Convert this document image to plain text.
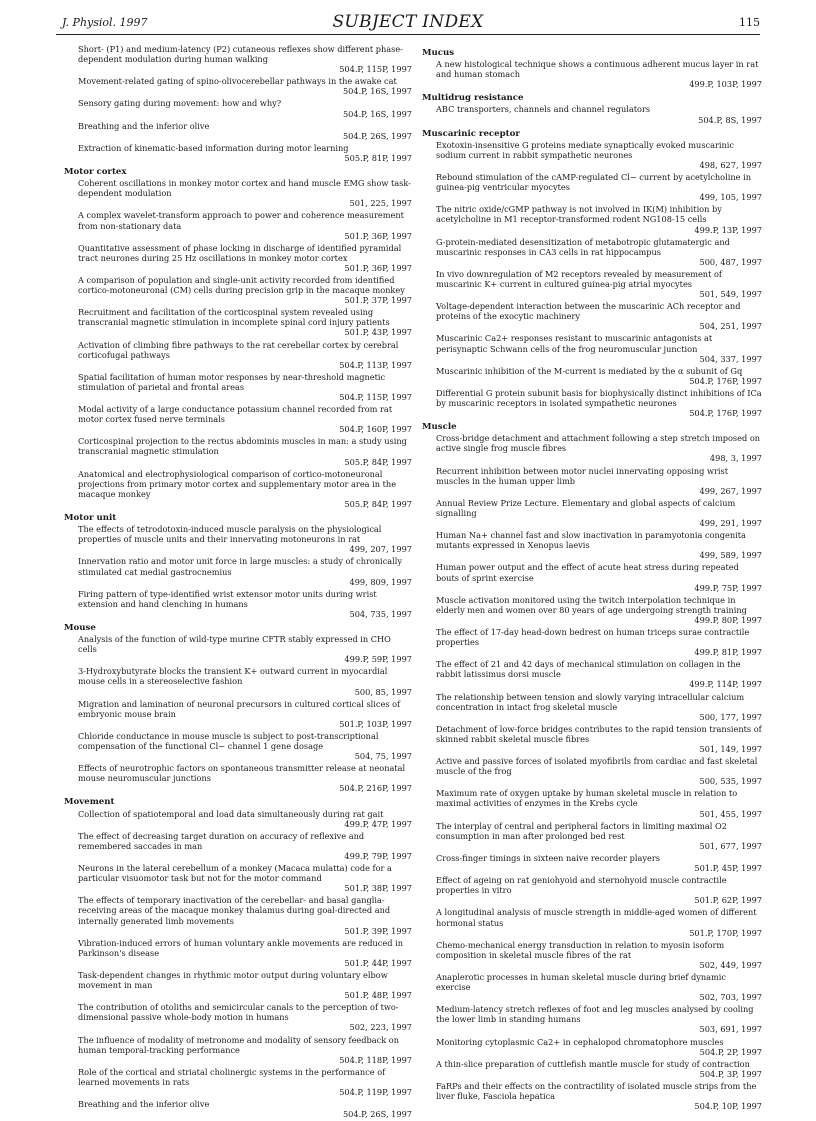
J. Physiol. 1997	SUBJECT INDEX	115
Short- (P1) and medium-latency (P2) cutaneous reflexes show different phase-dependent modulation during human walking
504.P, 115P, 1997
Movement-related gating of spino-olivocerebellar pathways in the awake cat
504.P, 16S, 1997
Sensory gating during movement: how and why?
504.P, 16S, 1997
Breathing and the inferior olive
504.P, 26S, 1997
Extraction of kinematic-based information during motor learning
505.P, 81P, 1997
Motor cortex
Coherent oscillations in monkey motor cortex and hand muscle EMG show task-dependent modulation
501, 225, 1997
A complex wavelet-transform approach to power and coherence measurement from non-stationary data
501.P, 36P, 1997
Quantitative assessment of phase locking in discharge of identified pyramidal tract neurones during 25 Hz oscillations in monkey motor cortex
501.P, 36P, 1997
A comparison of population and single-unit activity recorded from identified cortico-motoneuronal (CM) cells during precision grip in the macaque monkey
501.P, 37P, 1997
Recruitment and facilitation of the corticospinal system revealed using transcranial magnetic stimulation in incomplete spinal cord injury patients
501.P, 43P, 1997
Activation of climbing fibre pathways to the rat cerebellar cortex by cerebral corticofugal pathways
504.P, 113P, 1997
Spatial facilitation of human motor responses by near-threshold magnetic stimulation of parietal and frontal areas
504.P, 115P, 1997
Modal activity of a large conductance potassium channel recorded from rat motor cortex fused nerve terminals
504.P, 160P, 1997
Corticospinal projection to the rectus abdominis muscles in man: a study using transcranial magnetic stimulation
505.P, 84P, 1997
Anatomical and electrophysiological comparison of cortico-motoneuronal projections from primary motor cortex and supplementary motor area in the macaque monkey
505.P, 84P, 1997
Motor unit
The effects of tetrodotoxin-induced muscle paralysis on the physiological properties of muscle units and their innervating motoneurons in rat
499, 207, 1997
Innervation ratio and motor unit force in large muscles: a study of chronically stimulated cat medial gastrocnemius
499, 809, 1997
Firing pattern of type-identified wrist extensor motor units during wrist extension and hand clenching in humans
504, 735, 1997
Mouse
Analysis of the function of wild-type murine CFTR stably expressed in CHO cells
499.P, 59P, 1997
3-Hydroxybutyrate blocks the transient K+ outward current in myocardial mouse cells in a stereoselective fashion
500, 85, 1997
Migration and lamination of neuronal precursors in cultured cortical slices of embryonic mouse brain
501.P, 103P, 1997
Chloride conductance in mouse muscle is subject to post-transcriptional compensation of the functional Cl− channel 1 gene dosage
504, 75, 1997
Effects of neurotrophic factors on spontaneous transmitter release at neonatal mouse neuromuscular junctions
504.P, 216P, 1997
Movement
Collection of spatiotemporal and load data simultaneously during rat gait
499.P, 47P, 1997
The effect of decreasing target duration on accuracy of reflexive and remembered saccades in man
499.P, 79P, 1997
Neurons in the lateral cerebellum of a monkey (Macaca mulatta) code for a particular visuomotor task but not for the motor command
501.P, 38P, 1997
The effects of temporary inactivation of the cerebellar- and basal ganglia-receiving areas of the macaque monkey thalamus during goal-directed and internally generated limb movements
501.P, 39P, 1997
Vibration-induced errors of human voluntary ankle movements are reduced in Parkinson's disease
501.P, 44P, 1997
Task-dependent changes in rhythmic motor output during voluntary elbow movement in man
501.P, 48P, 1997
The contribution of otoliths and semicircular canals to the perception of two-dimensional passive whole-body motion in humans
502, 223, 1997
The influence of modality of metronome and modality of sensory feedback on human temporal-tracking performance
504.P, 118P, 1997
Role of the cortical and striatal cholinergic systems in the performance of learned movements in rats
504.P, 119P, 1997
Breathing and the inferior olive
504.P, 26S, 1997
Mucus
A new histological technique shows a continuous adherent mucus layer in rat and human stomach
499.P, 103P, 1997
Multidrug resistance
ABC transporters, channels and channel regulators
504.P, 8S, 1997
Muscarinic receptor
Exotoxin-insensitive G proteins mediate synaptically evoked muscarinic sodium current in rabbit sympathetic neurones
498, 627, 1997
Rebound stimulation of the cAMP-regulated Cl− current by acetylcholine in guinea-pig ventricular myocytes
499, 105, 1997
The nitric oxide/cGMP pathway is not involved in IK(M) inhibition by acetylcholine in M1 receptor-transformed rodent NG108-15 cells
499.P, 13P, 1997
G-protein-mediated desensitization of metabotropic glutamatergic and muscarinic responses in CA3 cells in rat hippocampus
500, 487, 1997
In vivo downregulation of M2 receptors revealed by measurement of muscarinic K+ current in cultured guinea-pig atrial myocytes
501, 549, 1997
Voltage-dependent interaction between the muscarinic ACh receptor and proteins of the exocytic machinery
504, 251, 1997
Muscarinic Ca2+ responses resistant to muscarinic antagonists at perisynaptic Schwann cells of the frog neuromuscular junction
504, 337, 1997
Muscarinic inhibition of the M-current is mediated by the α subunit of Gq
504.P, 176P, 1997
Differential G protein subunit basis for biophysically distinct inhibitions of ICa by muscarinic receptors in isolated sympathetic neurones
504.P, 176P, 1997
Muscle
Cross-bridge detachment and attachment following a step stretch imposed on active single frog muscle fibres
498, 3, 1997
Recurrent inhibition between motor nuclei innervating opposing wrist muscles in the human upper limb
499, 267, 1997
Annual Review Prize Lecture. Elementary and global aspects of calcium signalling
499, 291, 1997
Human Na+ channel fast and slow inactivation in paramyotonia congenita mutants expressed in Xenopus laevis
499, 589, 1997
Human power output and the effect of acute heat stress during repeated bouts of sprint exercise
499.P, 75P, 1997
Muscle activation monitored using the twitch interpolation technique in elderly men and women over 80 years of age undergoing strength training
499.P, 80P, 1997
The effect of 17-day head-down bedrest on human triceps surae contractile properties
499.P, 81P, 1997
The effect of 21 and 42 days of mechanical stimulation on collagen in the rabbit latissimus dorsi muscle
499.P, 114P, 1997
The relationship between tension and slowly varying intracellular calcium concentration in intact frog skeletal muscle
500, 177, 1997
Detachment of low-force bridges contributes to the rapid tension transients of skinned rabbit skeletal muscle fibres
501, 149, 1997
Active and passive forces of isolated myofibrils from cardiac and fast skeletal muscle of the frog
500, 535, 1997
Maximum rate of oxygen uptake by human skeletal muscle in relation to maximal activities of enzymes in the Krebs cycle
501, 455, 1997
The interplay of central and peripheral factors in limiting maximal O2 consumption in man after prolonged bed rest
501, 677, 1997
Cross-finger timings in sixteen naive recorder players
501.P, 45P, 1997
Effect of ageing on rat geniohyoid and sternohyoid muscle contractile properties in vitro
501.P, 62P, 1997
A longitudinal analysis of muscle strength in middle-aged women of different hormonal status
501.P, 170P, 1997
Chemo-mechanical energy transduction in relation to myosin isoform composition in skeletal muscle fibres of the rat
502, 449, 1997
Anaplerotic processes in human skeletal muscle during brief dynamic exercise
502, 703, 1997
Medium-latency stretch reflexes of foot and leg muscles analysed by cooling the lower limb in standing humans
503, 691, 1997
Monitoring cytoplasmic Ca2+ in cephalopod chromatophore muscles
504.P, 2P, 1997
A thin-slice preparation of cuttlefish mantle muscle for study of contraction
504.P, 3P, 1997
FaRPs and their effects on the contractility of isolated muscle strips from the liver fluke, Fasciola hepatica
504.P, 10P, 1997
